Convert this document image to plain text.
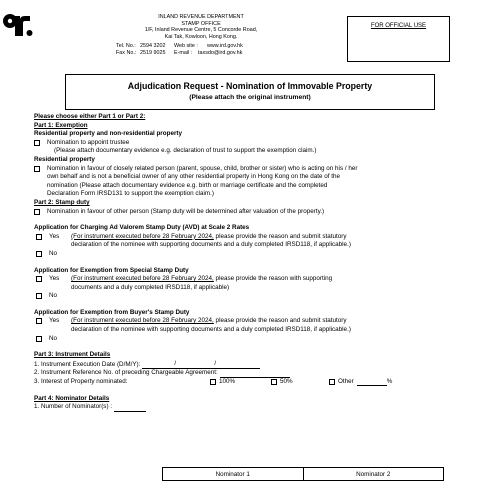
INLAND REVENUE DEPARTMENT
STAMP OFFICE
1/F, Inland Revenue Centre, 5 Concorde Road,
Kai Tak, Kowloon, Hong Kong.
Tel. No.: 2594 3202 Web site : www.ird.gov.hk
Fax No.: 2519 9025 E-mail : taxsdo@ird.gov.hk
FOR OFFICIAL USE
Adjudication Request - Nomination of Immovable Property
(Please attach the original instrument)
Please choose either Part 1 or Part 2:
Part 1: Exemption
Residential property and non-residential property
Nomination to appoint trustee
(Please attach documentary evidence e.g. declaration of trust to support the exemption claim.)
Residential property
Nomination in favour of closely related person (parent, spouse, child, brother or sister) who is acting on his / her
own behalf and is not a beneficial owner of any other residential property in Hong Kong on the date of the
nomination (Please attach documentary evidence e.g. birth or marriage certificate and the completed
Declaration Form IRSD131 to support the exemption claim.)
Part 2: Stamp duty
Nomination in favour of other person (Stamp duty will be determined after valuation of the property.)
Application for Charging Ad Valorem Stamp Duty (AVD) at Scale 2 Rates
Yes	(For instrument executed before 28 February 2024, please provide the reason and submit statutory
declaration of the nominee with supporting documents and a duly completed IRSD118, if applicable.)
No
Application for Exemption from Special Stamp Duty
Yes	(For instrument executed before 28 February 2024, please provide the reason with supporting
documents and a duly completed IRSD118, if applicable)
No
Application for Exemption from Buyer's Stamp Duty
Yes	(For instrument executed before 28 February 2024, please provide the reason and submit statutory
declaration of the nominee with supporting documents and a duly completed IRSD118, if applicable.)
No
Part 3: Instrument Details
1. Instrument Execution Date (D/M/Y):	/	/
2. Instrument Reference No. of preceding Chargeable Agreement:
3. Interest of Property nominated:	100%	50%	Other	%
Part 4: Nominator Details
1. Number of Nominator(s) :
Nominator 1	Nominator 2
